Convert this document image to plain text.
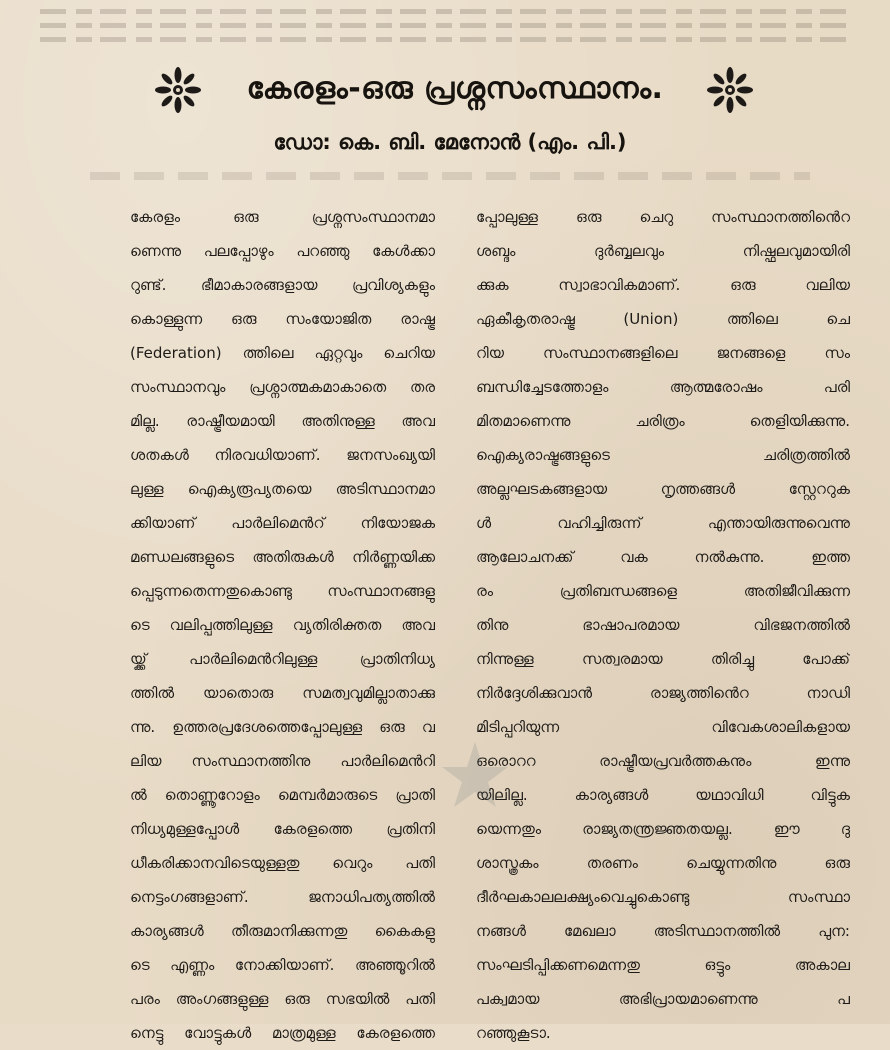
കേരളം-ഒരു പ്രശ്നസംസ്ഥാനം.
ഡോ: കെ. ബി. മേനോൻ (എം. പി.)
കേരളം ഒരു പ്രശ്നസംസ്ഥാനമാ
ണെന്നു പലപ്പോഴും പറഞ്ഞു കേൾക്കാ
റുണ്ട്. ഭീമാകാരങ്ങളായ പ്രവിശ്യകളും
കൊള്ളുന്ന ഒരു സംയോജിത രാഷ്ട്ര
(Federation) ത്തിലെ ഏറ്റവും ചെറിയ
സംസ്ഥാനവും പ്രശ്നാത്മകമാകാതെ തര
മില്ല. രാഷ്ട്രീയമായി അതിനുള്ള അവ
ശതകൾ നിരവധിയാണ്. ജനസംഖ്യയി
ലുള്ള ഐക്യരൂപ്യതയെ അടിസ്ഥാനമാ
ക്കിയാണ് പാർലിമെൻറ് നിയോജക
മണ്ഡലങ്ങളുടെ അതിരുകൾ നിർണ്ണയിക്ക
പ്പെടുന്നതെന്നതുകൊണ്ടു സംസ്ഥാനങ്ങളു
ടെ വലിപ്പത്തിലുള്ള വ്യതിരിക്തത അവ
യ്ക്ക് പാർലിമെൻറിലുള്ള പ്രാതിനിധ്യ
ത്തിൽ യാതൊരു സമത്വവുമില്ലാതാക്കു
ന്നു. ഉത്തരപ്രദേശത്തെപ്പോലുള്ള ഒരു വ
ലിയ സംസ്ഥാനത്തിനു പാർലിമെൻറി
ൽ തൊണ്ണൂറോളം മെമ്പർമാരുടെ പ്രാതി
നിധ്യമുള്ളപ്പോൾ കേരളത്തെ പ്രതിനി
ധീകരിക്കാനവിടെയുള്ളതു വെറും പതി
നെട്ടംഗങ്ങളാണ്. ജനാധിപത്യത്തിൽ
കാര്യങ്ങൾ തീരുമാനിക്കുന്നതു കൈകളു
ടെ എണ്ണം നോക്കിയാണ്. അഞ്ഞൂറിൽ
പരം അംഗങ്ങളുള്ള ഒരു സഭയിൽ പതി
നെട്ടു വോട്ടുകൾ മാത്രമുള്ള കേരളത്തെ
പ്പോലുള്ള ഒരു ചെറു സംസ്ഥാനത്തിൻെറ
ശബ്ദം ദുർബ്ബലവും നിഷ്ഫലവുമായിരി
ക്കുക സ്വാഭാവികമാണ്. ഒരു വലിയ
ഏകീകൃതരാഷ്ട്ര (Union) ത്തിലെ ചെ
റിയ സംസ്ഥാനങ്ങളിലെ ജനങ്ങളെ സം
ബന്ധിച്ചേടത്തോളം ആത്മരോഷം പരി
മിതമാണെന്നു ചരിത്രം തെളിയിക്കുന്നു.
ഐക്യരാഷ്ട്രങ്ങളുടെ ചരിത്രത്തിൽ
അല്ലഘടകങ്ങളായ നൃത്തങ്ങൾ സ്റ്റേററുക
ൾ വഹിച്ചിരുന്ന് എന്തായിരുന്നുവെന്നു
ആലോചനക്ക് വക നൽകുന്നു. ഇത്ത
രം പ്രതിബന്ധങ്ങളെ അതിജീവിക്കുന്ന
തിനു ഭാഷാപരമായ വിഭജനത്തിൽ
നിന്നുള്ള സത്വരമായ തിരിച്ചു പോക്ക്
നിർദ്ദേശിക്കുവാൻ രാജ്യത്തിൻെറ നാഡി
മിടിപ്പറിയുന്ന വിവേകശാലികളായ
ഒരൊററ രാഷ്ട്രീയപ്രവർത്തകനും ഇന്നു
യിലില്ല. കാര്യങ്ങൾ യഥാവിധി വിട്ടുക
യെന്നതും രാജ്യതന്ത്രജ്ഞതയല്ല. ഈ ദു
ശാസ്ത്രകം തരണം ചെയ്യുന്നതിനു ഒരു
ദീർഘകാലലക്ഷ്യംവെച്ചുകൊണ്ടു സംസ്ഥാ
നങ്ങൾ മേഖലാ അടിസ്ഥാനത്തിൽ പുന:
സംഘടിപ്പിക്കണമെന്നതു ഒട്ടും അകാല
പക്വമായ അഭിപ്രായമാണെന്നു പ
റഞ്ഞുകൂടാ.
